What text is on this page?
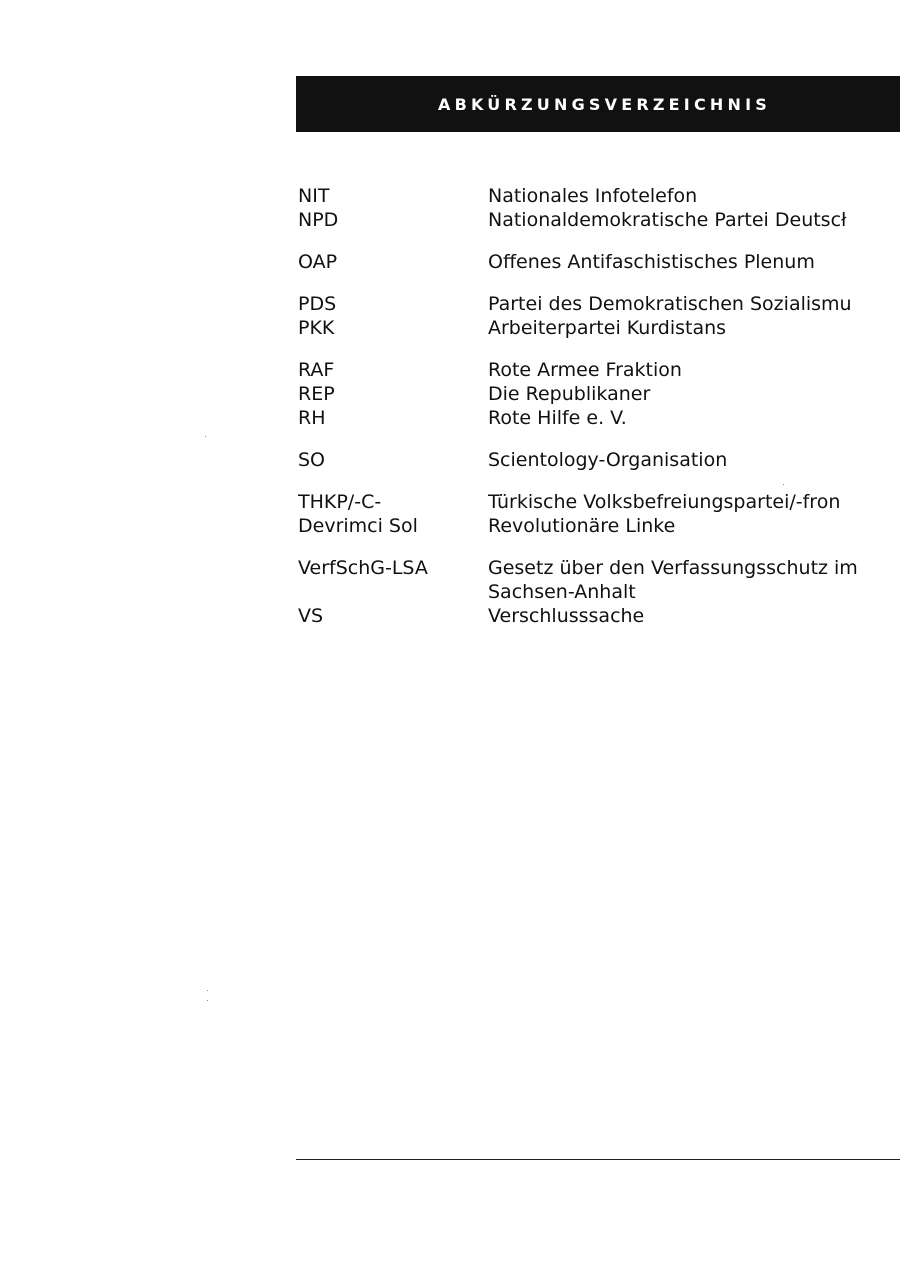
ABKÜRZUNGSVERZEICHNIS
NIT	Nationales Infotelefon
NPD	Nationaldemokratische Partei Deutscł
OAP	Offenes Antifaschistisches Plenum
PDS	Partei des Demokratischen Sozialismu
PKK	Arbeiterpartei Kurdistans
RAF	Rote Armee Fraktion
REP	Die Republikaner
RH	Rote Hilfe e. V.
SO	Scientology-Organisation
THKP/-C-	Türkische Volksbefreiungspartei/-fron
Devrimci Sol	Revolutionäre Linke
VerfSchG-LSA	Gesetz über den Verfassungsschutz im
Sachsen-Anhalt
VS	Verschlusssache
